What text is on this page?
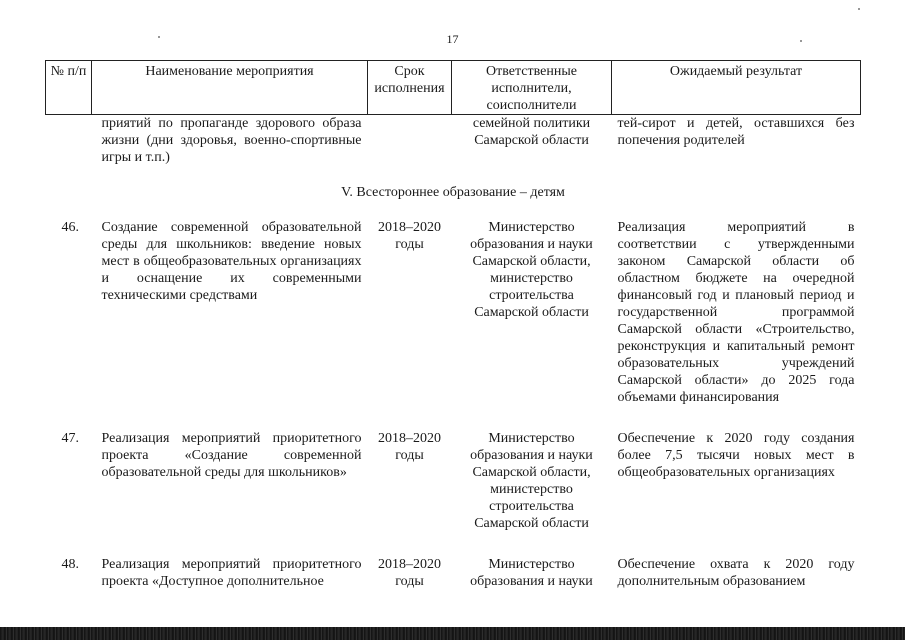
17
№ п/п	Наименование мероприятия	Срок исполнения	Ответственные исполнители, соисполнители	Ожидаемый результат
	приятий по пропаганде здорового образа жизни (дни здоровья, военно-спортивные игры и т.п.)		семейной политики Самарской области	тей-сирот и детей, оставшихся без попечения родителей
V. Всестороннее образование – детям				
46.	Создание современной образовательной среды для школьников: введение новых мест в общеобразовательных организациях и оснащение их современными техническими средствами	2018–2020 годы	Министерство образования и науки Самарской области, министерство строительства Самарской области	Реализация мероприятий в соответствии с утвержденными законом Самарской области об областном бюджете на очередной финансовый год и плановый период и государственной программой Самарской области «Строительство, реконструкция и капитальный ремонт образовательных учреждений Самарской области» до 2025 года объемами финансирования
47.	Реализация мероприятий приоритетного проекта «Создание современной образовательной среды для школьников»	2018–2020 годы	Министерство образования и науки Самарской области, министерство строительства Самарской области	Обеспечение к 2020 году создания более 7,5 тысячи новых мест в общеобразовательных организациях
48.	Реализация мероприятий приоритетного проекта «Доступное дополнительное	2018–2020 годы	Министерство образования и науки	Обеспечение охвата к 2020 году дополнительным образованием
